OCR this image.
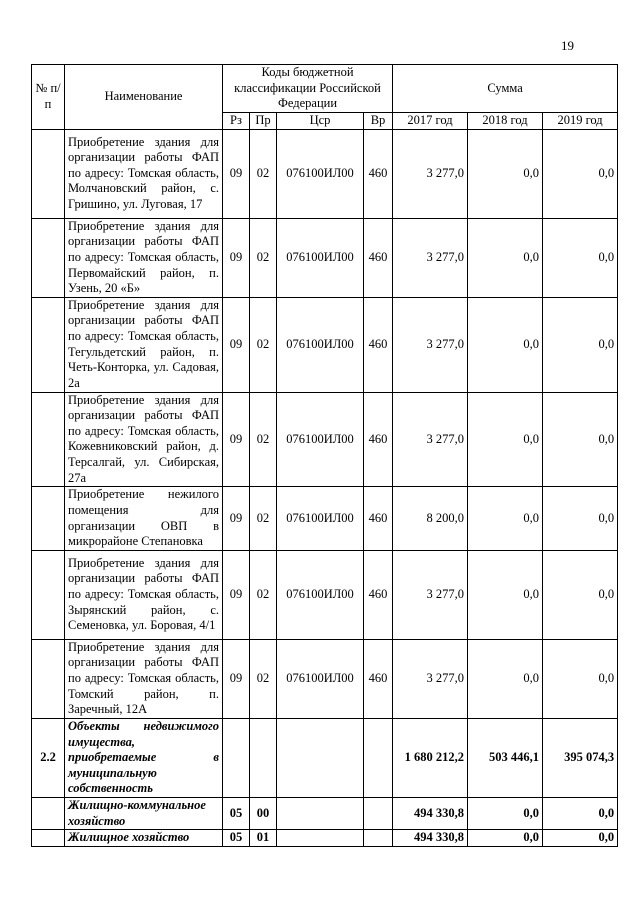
19
№ п/п	Наименование	Коды бюджетной классификации Российской Федерации				Сумма		
		Рз	Пр	Цср	Вр	2017 год	2018 год	2019 год
	Приобретение здания для организации работы ФАП по адресу: Томская область, Молчановский район, с. Гришино, ул. Луговая, 17	09	02	076100ИЛ00	460	3 277,0	0,0	0,0
	Приобретение здания для организации работы ФАП по адресу: Томская область, Первомайский район, п. Узень, 20 «Б»	09	02	076100ИЛ00	460	3 277,0	0,0	0,0
	Приобретение здания для организации работы ФАП по адресу: Томская область, Тегульдетский район, п. Четь-Конторка, ул. Садовая, 2а	09	02	076100ИЛ00	460	3 277,0	0,0	0,0
	Приобретение здания для организации работы ФАП по адресу: Томская область, Кожевниковский район, д. Терсалгай, ул. Сибирская, 27а	09	02	076100ИЛ00	460	3 277,0	0,0	0,0
	Приобретение нежилого помещения для организации ОВП в микрорайоне Степановка	09	02	076100ИЛ00	460	8 200,0	0,0	0,0
	Приобретение здания для организации работы ФАП по адресу: Томская область, Зырянский район, с. Семеновка, ул. Боровая, 4/1	09	02	076100ИЛ00	460	3 277,0	0,0	0,0
	Приобретение здания для организации работы ФАП по адресу: Томская область, Томский район, п. Заречный, 12А	09	02	076100ИЛ00	460	3 277,0	0,0	0,0
2.2	Объекты недвижимого имущества, приобретаемые в муниципальную собственность					1 680 212,2	503 446,1	395 074,3
	Жилищно-коммунальное хозяйство	05	00			494 330,8	0,0	0,0
	Жилищное хозяйство	05	01			494 330,8	0,0	0,0
